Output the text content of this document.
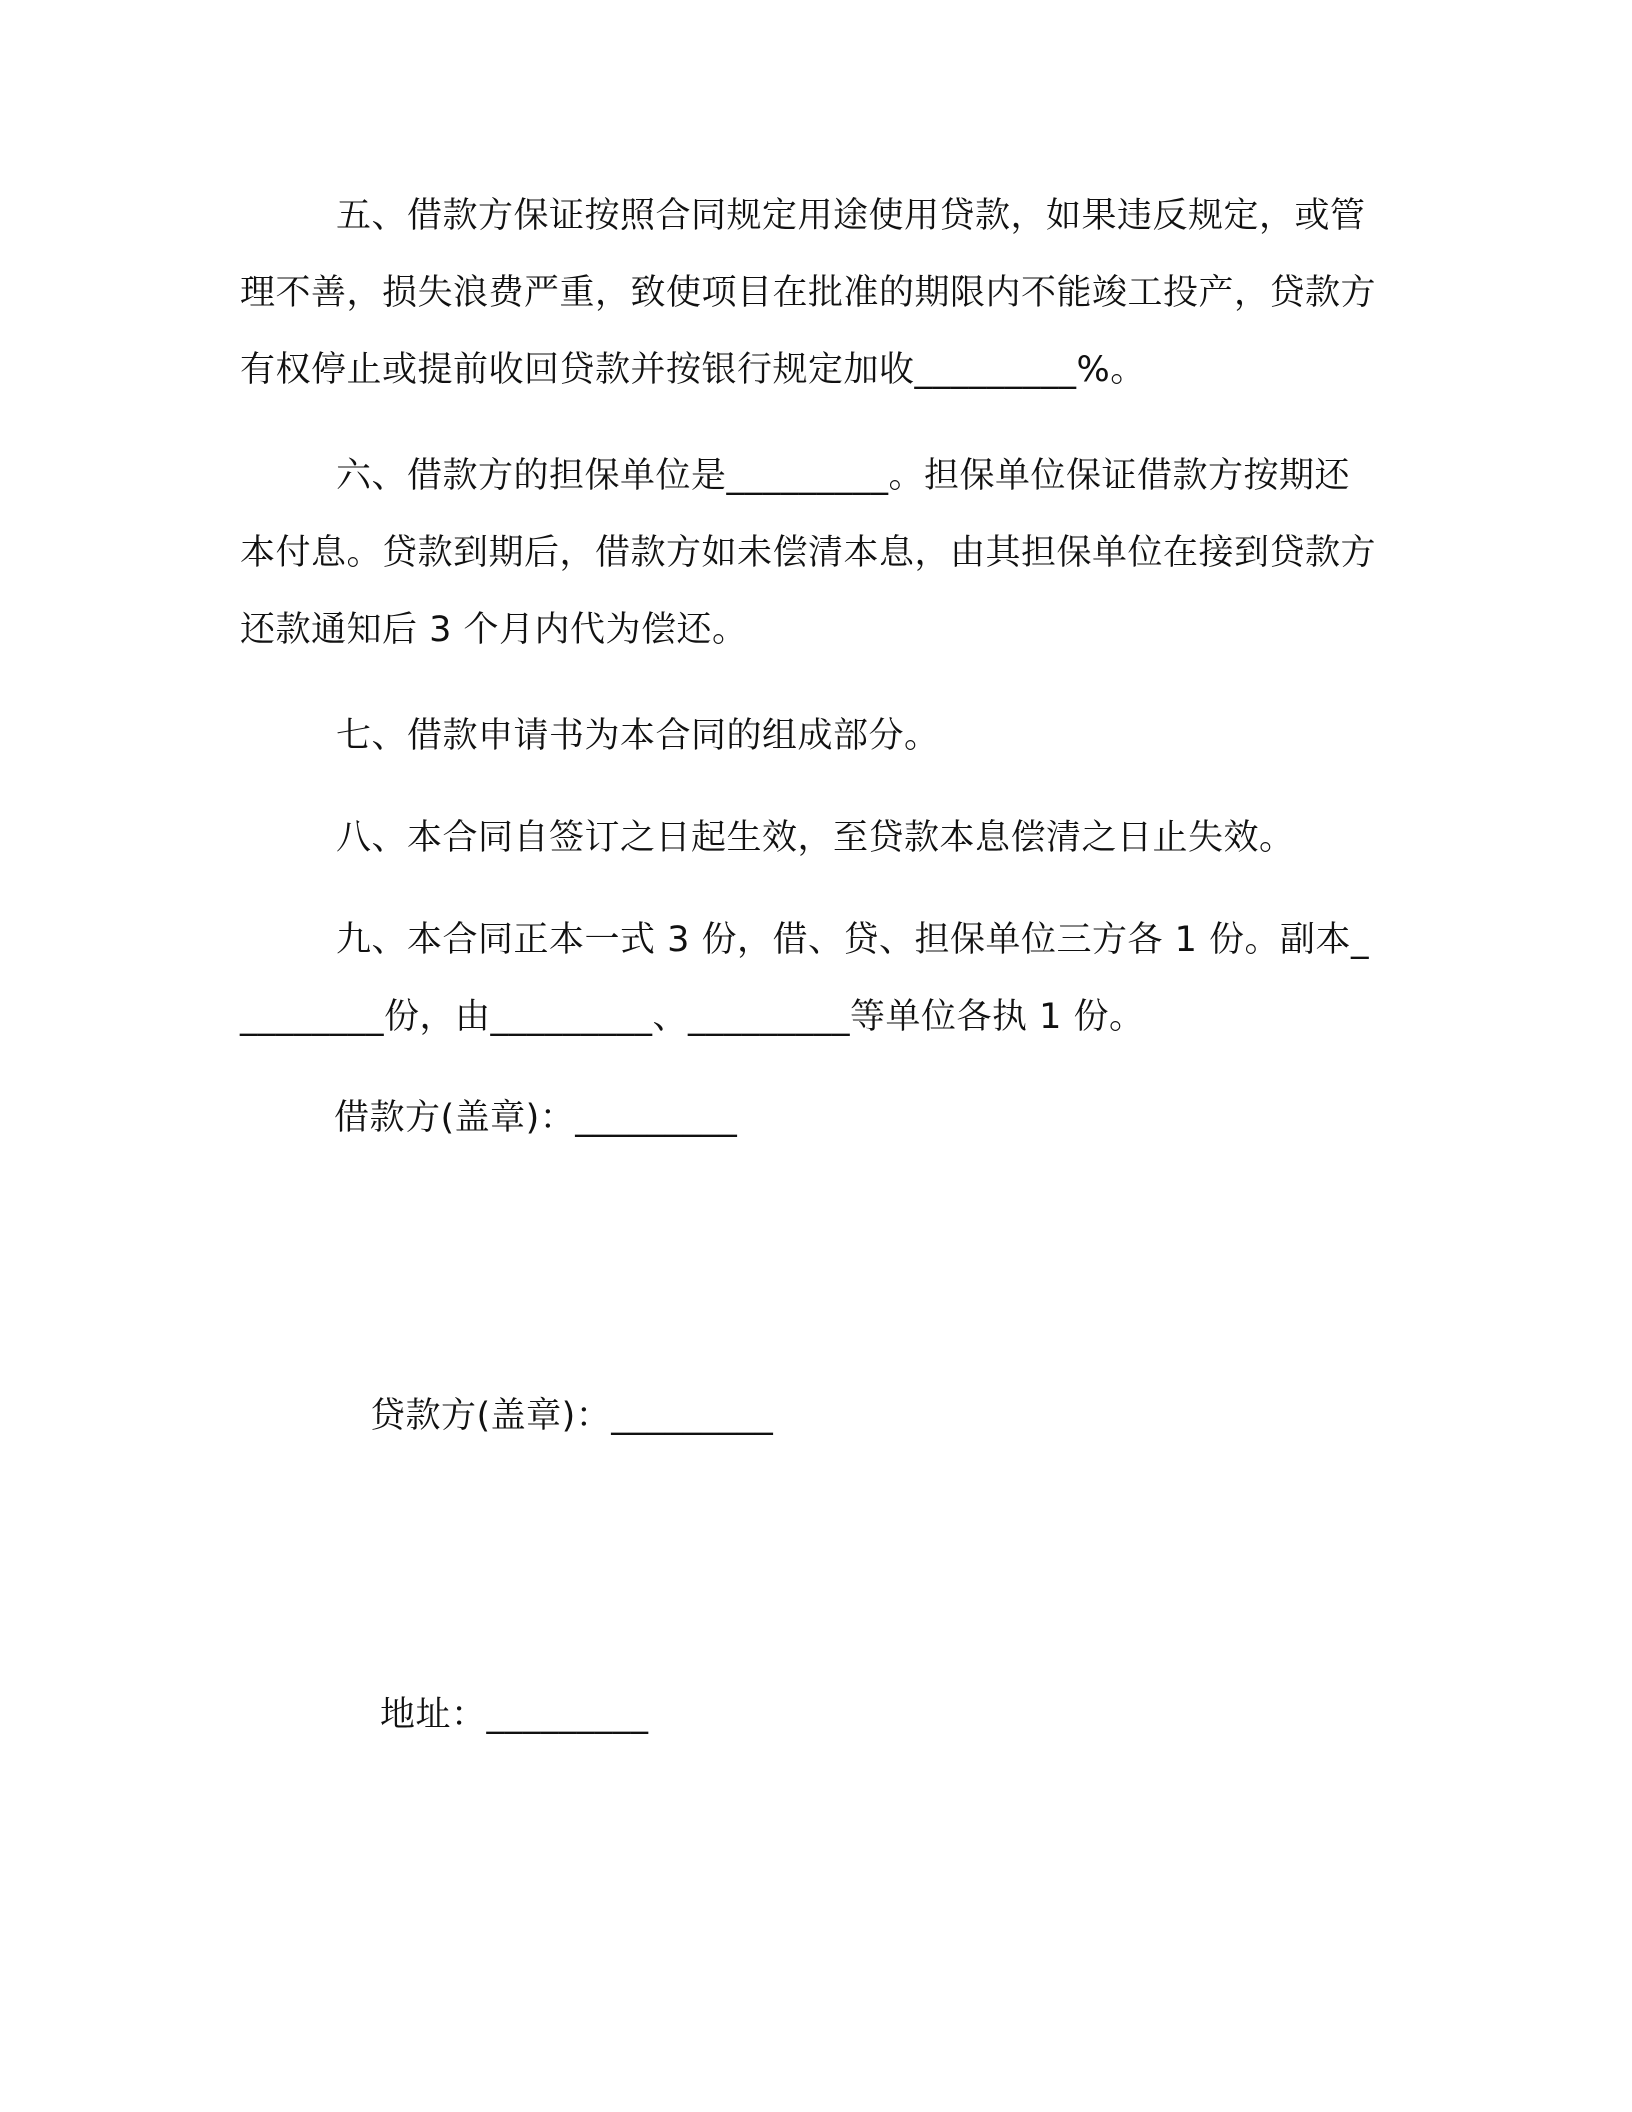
五、借款方保证按照合同规定用途使用贷款，如果违反规定，或管理不善，损失浪费严重，致使项目在批准的期限内不能竣工投产，贷款方有权停止或提前收回贷款并按银行规定加收_________%。

六、借款方的担保单位是_________。担保单位保证借款方按期还本付息。贷款到期后，借款方如未偿清本息，由其担保单位在接到贷款方还款通知后 3 个月内代为偿还。

七、借款申请书为本合同的组成部分。

八、本合同自签订之日起生效，至贷款本息偿清之日止失效。

九、本合同正本一式 3 份，借、贷、担保单位三方各 1 份。副本_________份，由_________、_________等单位各执 1 份。

借款方(盖章)：_________

贷款方(盖章)：_________

地址：_________
